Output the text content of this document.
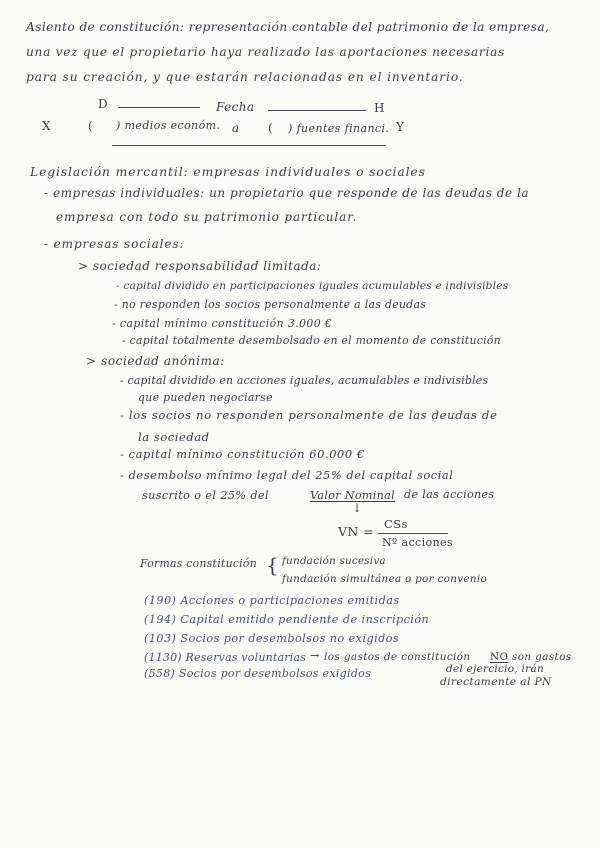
Asiento de constitución: representación contable del patrimonio de la empresa,
una vez que el propietario haya realizado las aportaciones necesarias
para su creación, y que estarán relacionadas en el inventario.
D	Fecha	H
X	( ) medios económ. a ( ) fuentes financi. Y
Legislación mercantil: empresas individuales o sociales
- empresas individuales: un propietario que responde de las deudas de la
empresa con todo su patrimonio particular.
- empresas sociales:
> sociedad responsabilidad limitada:
- capital dividido en participaciones iguales acumulables e indivisibles
- no responden los socios personalmente a las deudas
- capital mínimo constitución 3.000 €
- capital totalmente desembolsado en el momento de constitución
> sociedad anónima:
- capital dividido en acciones iguales, acumulables e indivisibles
que pueden negociarse
- los socios no responden personalmente de las deudas de
la sociedad
- capital mínimo constitución 60.000 €
- desembolso mínimo legal del 25% del capital social
suscrito o el 25% del	Valor Nominal de las acciones
↓
VN = CSs
Nº acciones
Formas constitución { fundación sucesiva
fundación simultánea o por convenio
(190) Acciones o participaciones emitidas
(194) Capital emitido pendiente de inscripción
(103) Socios por desembolsos no exigidos
(1130) Reservas voluntarias
(558) Socios por desembolsos exigidos
→ los gastos de constitución NO son gastos
del ejercicio, irán
directamente al PN
